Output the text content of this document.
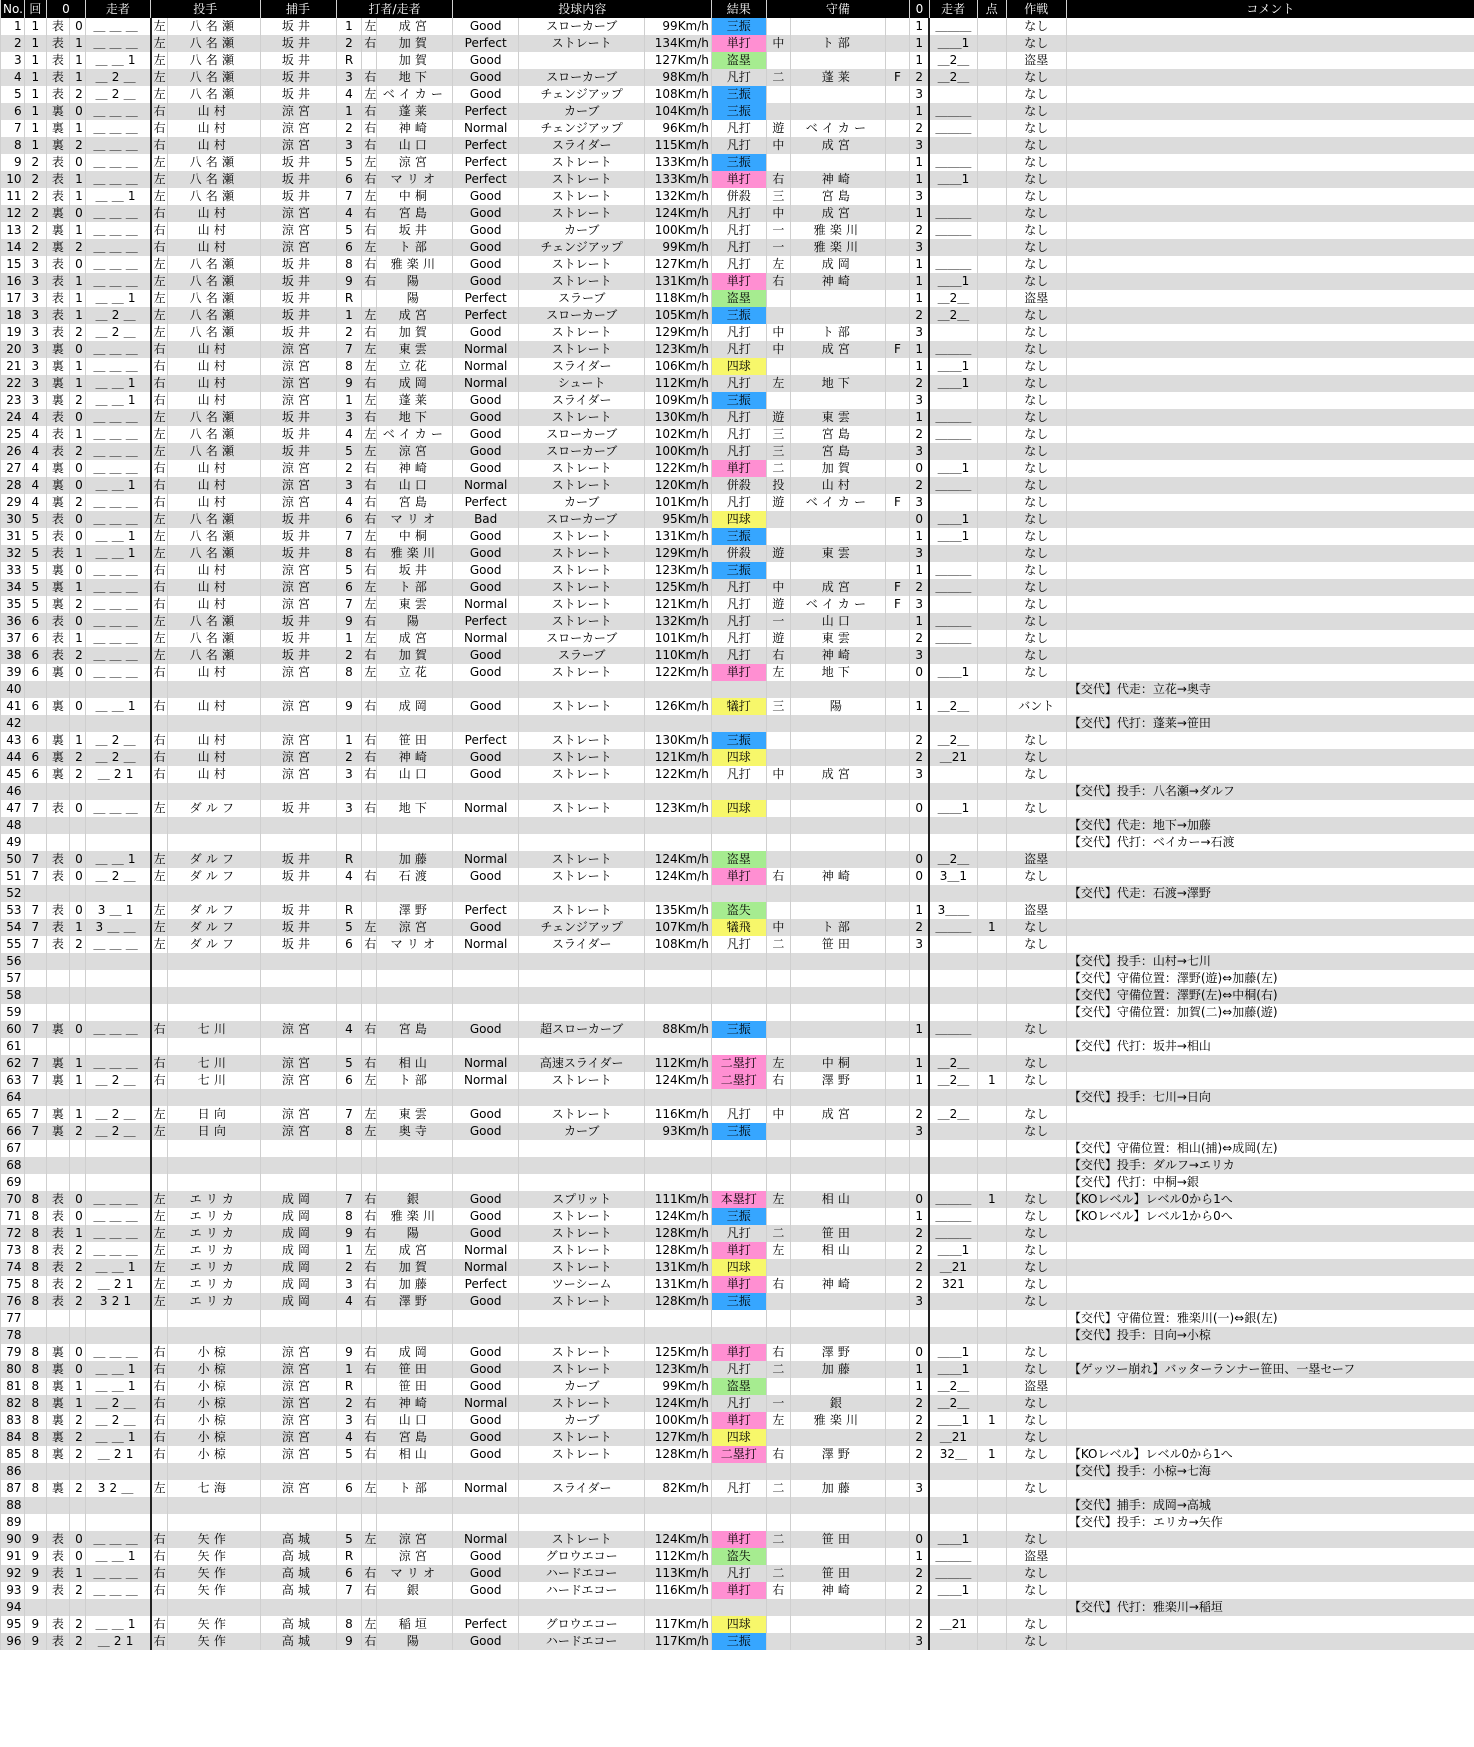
No.	回	0		走者	投手		捕手	打者/走者			投球内容			結果	守備			0	走者	点	作戦	コメント
1	1	表	0	＿＿＿	左	八名瀬	坂井	1	左	成宮	Good	スローカーブ	99Km/h	三振				1	＿＿＿		なし	
2	1	表	1	＿＿＿	左	八名瀬	坂井	2	右	加賀	Perfect	ストレート	134Km/h	単打	中	ト部		1	＿＿1		なし	
3	1	表	1	＿＿1	左	八名瀬	坂井	R		加賀	Good		127Km/h	盗塁				1	＿2＿		盗塁	
4	1	表	1	＿2＿	左	八名瀬	坂井	3	右	地下	Good	スローカーブ	98Km/h	凡打	二	蓬莱	F	2	＿2＿		なし	
5	1	表	2	＿2＿	左	八名瀬	坂井	4	左	ベイカー	Good	チェンジアップ	108Km/h	三振				3			なし	
6	1	裏	0	＿＿＿	右	山村	涼宮	1	右	蓬莱	Perfect	カーブ	104Km/h	三振				1	＿＿＿		なし	
7	1	裏	1	＿＿＿	右	山村	涼宮	2	右	神崎	Normal	チェンジアップ	96Km/h	凡打	遊	ベイカー		2	＿＿＿		なし	
8	1	裏	2	＿＿＿	右	山村	涼宮	3	右	山口	Perfect	スライダー	115Km/h	凡打	中	成宮		3			なし	
9	2	表	0	＿＿＿	左	八名瀬	坂井	5	左	涼宮	Perfect	ストレート	133Km/h	三振				1	＿＿＿		なし	
10	2	表	1	＿＿＿	左	八名瀬	坂井	6	右	マリオ	Perfect	ストレート	133Km/h	単打	右	神崎		1	＿＿1		なし	
11	2	表	1	＿＿1	左	八名瀬	坂井	7	左	中桐	Good	ストレート	132Km/h	併殺	三	宮島		3			なし	
12	2	裏	0	＿＿＿	右	山村	涼宮	4	右	宮島	Good	ストレート	124Km/h	凡打	中	成宮		1	＿＿＿		なし	
13	2	裏	1	＿＿＿	右	山村	涼宮	5	右	坂井	Good	カーブ	100Km/h	凡打	一	雅楽川		2	＿＿＿		なし	
14	2	裏	2	＿＿＿	右	山村	涼宮	6	左	ト部	Good	チェンジアップ	99Km/h	凡打	一	雅楽川		3			なし	
15	3	表	0	＿＿＿	左	八名瀬	坂井	8	右	雅楽川	Good	ストレート	127Km/h	凡打	左	成岡		1	＿＿＿		なし	
16	3	表	1	＿＿＿	左	八名瀬	坂井	9	右	陽	Good	ストレート	131Km/h	単打	右	神崎		1	＿＿1		なし	
17	3	表	1	＿＿1	左	八名瀬	坂井	R		陽	Perfect	スラーブ	118Km/h	盗塁				1	＿2＿		盗塁	
18	3	表	1	＿2＿	左	八名瀬	坂井	1	左	成宮	Perfect	スローカーブ	105Km/h	三振				2	＿2＿		なし	
19	3	表	2	＿2＿	左	八名瀬	坂井	2	右	加賀	Good	ストレート	129Km/h	凡打	中	ト部		3			なし	
20	3	裏	0	＿＿＿	右	山村	涼宮	7	左	東雲	Normal	ストレート	123Km/h	凡打	中	成宮	F	1	＿＿＿		なし	
21	3	裏	1	＿＿＿	右	山村	涼宮	8	左	立花	Normal	スライダー	106Km/h	四球				1	＿＿1		なし	
22	3	裏	1	＿＿1	右	山村	涼宮	9	右	成岡	Normal	シュート	112Km/h	凡打	左	地下		2	＿＿1		なし	
23	3	裏	2	＿＿1	右	山村	涼宮	1	左	蓬莱	Good	スライダー	109Km/h	三振				3			なし	
24	4	表	0	＿＿＿	左	八名瀬	坂井	3	右	地下	Good	ストレート	130Km/h	凡打	遊	東雲		1	＿＿＿		なし	
25	4	表	1	＿＿＿	左	八名瀬	坂井	4	左	ベイカー	Good	スローカーブ	102Km/h	凡打	三	宮島		2	＿＿＿		なし	
26	4	表	2	＿＿＿	左	八名瀬	坂井	5	左	涼宮	Good	スローカーブ	100Km/h	凡打	三	宮島		3			なし	
27	4	裏	0	＿＿＿	右	山村	涼宮	2	右	神崎	Good	ストレート	122Km/h	単打	二	加賀		0	＿＿1		なし	
28	4	裏	0	＿＿1	右	山村	涼宮	3	右	山口	Normal	ストレート	120Km/h	併殺	投	山村		2	＿＿＿		なし	
29	4	裏	2	＿＿＿	右	山村	涼宮	4	右	宮島	Perfect	カーブ	101Km/h	凡打	遊	ベイカー	F	3			なし	
30	5	表	0	＿＿＿	左	八名瀬	坂井	6	右	マリオ	Bad	スローカーブ	95Km/h	四球				0	＿＿1		なし	
31	5	表	0	＿＿1	左	八名瀬	坂井	7	左	中桐	Good	ストレート	131Km/h	三振				1	＿＿1		なし	
32	5	表	1	＿＿1	左	八名瀬	坂井	8	右	雅楽川	Good	ストレート	129Km/h	併殺	遊	東雲		3			なし	
33	5	裏	0	＿＿＿	右	山村	涼宮	5	右	坂井	Good	ストレート	123Km/h	三振				1	＿＿＿		なし	
34	5	裏	1	＿＿＿	右	山村	涼宮	6	左	ト部	Good	ストレート	125Km/h	凡打	中	成宮	F	2	＿＿＿		なし	
35	5	裏	2	＿＿＿	右	山村	涼宮	7	左	東雲	Normal	ストレート	121Km/h	凡打	遊	ベイカー	F	3			なし	
36	6	表	0	＿＿＿	左	八名瀬	坂井	9	右	陽	Perfect	ストレート	132Km/h	凡打	一	山口		1	＿＿＿		なし	
37	6	表	1	＿＿＿	左	八名瀬	坂井	1	左	成宮	Normal	スローカーブ	101Km/h	凡打	遊	東雲		2	＿＿＿		なし	
38	6	表	2	＿＿＿	左	八名瀬	坂井	2	右	加賀	Good	スラーブ	110Km/h	凡打	右	神崎		3			なし	
39	6	裏	0	＿＿＿	右	山村	涼宮	8	左	立花	Good	ストレート	122Km/h	単打	左	地下		0	＿＿1		なし	
40																						【交代】代走：立花→奥寺
41	6	裏	0	＿＿1	右	山村	涼宮	9	右	成岡	Good	ストレート	126Km/h	犠打	三	陽		1	＿2＿		バント	
42																						【交代】代打：蓬莱→笹田
43	6	裏	1	＿2＿	右	山村	涼宮	1	右	笹田	Perfect	ストレート	130Km/h	三振				2	＿2＿		なし	
44	6	裏	2	＿2＿	右	山村	涼宮	2	右	神崎	Good	ストレート	121Km/h	四球				2	＿21		なし	
45	6	裏	2	＿21	右	山村	涼宮	3	右	山口	Good	ストレート	122Km/h	凡打	中	成宮		3			なし	
46																						【交代】投手：八名瀬→ダルフ
47	7	表	0	＿＿＿	左	ダルフ	坂井	3	右	地下	Normal	ストレート	123Km/h	四球				0	＿＿1		なし	
48																						【交代】代走：地下→加藤
49																						【交代】代打：ベイカー→石渡
50	7	表	0	＿＿1	左	ダルフ	坂井	R		加藤	Normal	ストレート	124Km/h	盗塁				0	＿2＿		盗塁	
51	7	表	0	＿2＿	左	ダルフ	坂井	4	右	石渡	Good	ストレート	124Km/h	単打	右	神崎		0	3＿1		なし	
52																						【交代】代走：石渡→澤野
53	7	表	0	3＿1	左	ダルフ	坂井	R		澤野	Perfect	ストレート	135Km/h	盗失				1	3＿＿		盗塁	
54	7	表	1	3＿＿	左	ダルフ	坂井	5	左	涼宮	Good	チェンジアップ	107Km/h	犠飛	中	ト部		2	＿＿＿	1	なし	
55	7	表	2	＿＿＿	左	ダルフ	坂井	6	右	マリオ	Normal	スライダー	108Km/h	凡打	二	笹田		3			なし	
56																						【交代】投手：山村→七川
57																						【交代】守備位置：澤野(遊)⇔加藤(左)
58																						【交代】守備位置：澤野(左)⇔中桐(右)
59																						【交代】守備位置：加賀(二)⇔加藤(遊)
60	7	裏	0	＿＿＿	右	七川	涼宮	4	右	宮島	Good	超スローカーブ	88Km/h	三振				1	＿＿＿		なし	
61																						【交代】代打：坂井→相山
62	7	裏	1	＿＿＿	右	七川	涼宮	5	右	相山	Normal	高速スライダー	112Km/h	二塁打	左	中桐		1	＿2＿		なし	
63	7	裏	1	＿2＿	右	七川	涼宮	6	左	ト部	Normal	ストレート	124Km/h	二塁打	右	澤野		1	＿2＿	1	なし	
64																						【交代】投手：七川→日向
65	7	裏	1	＿2＿	左	日向	涼宮	7	左	東雲	Good	ストレート	116Km/h	凡打	中	成宮		2	＿2＿		なし	
66	7	裏	2	＿2＿	左	日向	涼宮	8	左	奥寺	Good	カーブ	93Km/h	三振				3			なし	
67																						【交代】守備位置：相山(捕)⇔成岡(左)
68																						【交代】投手：ダルフ→エリカ
69																						【交代】代打：中桐→銀
70	8	表	0	＿＿＿	左	エリカ	成岡	7	右	銀	Good	スプリット	111Km/h	本塁打	左	相山		0	＿＿＿	1	なし	【KOレベル】レベル0から1へ
71	8	表	0	＿＿＿	左	エリカ	成岡	8	右	雅楽川	Good	ストレート	124Km/h	三振				1	＿＿＿		なし	【KOレベル】レベル1から0へ
72	8	表	1	＿＿＿	左	エリカ	成岡	9	右	陽	Good	ストレート	128Km/h	凡打	二	笹田		2	＿＿＿		なし	
73	8	表	2	＿＿＿	左	エリカ	成岡	1	左	成宮	Normal	ストレート	128Km/h	単打	左	相山		2	＿＿1		なし	
74	8	表	2	＿＿1	左	エリカ	成岡	2	右	加賀	Normal	ストレート	131Km/h	四球				2	＿21		なし	
75	8	表	2	＿21	左	エリカ	成岡	3	右	加藤	Perfect	ツーシーム	131Km/h	単打	右	神崎		2	321		なし	
76	8	表	2	321	左	エリカ	成岡	4	右	澤野	Good	ストレート	128Km/h	三振				3			なし	
77																						【交代】守備位置：雅楽川(一)⇔銀(左)
78																						【交代】投手：日向→小椋
79	8	裏	0	＿＿＿	右	小椋	涼宮	9	右	成岡	Good	ストレート	125Km/h	単打	右	澤野		0	＿＿1		なし	
80	8	裏	0	＿＿1	右	小椋	涼宮	1	右	笹田	Good	ストレート	123Km/h	凡打	二	加藤		1	＿＿1		なし	【ゲッツー崩れ】バッターランナー笹田、一塁セーフ
81	8	裏	1	＿＿1	右	小椋	涼宮	R		笹田	Good	カーブ	99Km/h	盗塁				1	＿2＿		盗塁	
82	8	裏	1	＿2＿	右	小椋	涼宮	2	右	神崎	Normal	ストレート	124Km/h	凡打	一	銀		2	＿2＿		なし	
83	8	裏	2	＿2＿	右	小椋	涼宮	3	右	山口	Good	カーブ	100Km/h	単打	左	雅楽川		2	＿＿1	1	なし	
84	8	裏	2	＿＿1	右	小椋	涼宮	4	右	宮島	Good	ストレート	127Km/h	四球				2	＿21		なし	
85	8	裏	2	＿21	右	小椋	涼宮	5	右	相山	Good	ストレート	128Km/h	二塁打	右	澤野		2	32＿	1	なし	【KOレベル】レベル0から1へ
86																						【交代】投手：小椋→七海
87	8	裏	2	32＿	左	七海	涼宮	6	左	ト部	Normal	スライダー	82Km/h	凡打	二	加藤		3			なし	
88																						【交代】捕手：成岡→高城
89																						【交代】投手：エリカ→矢作
90	9	表	0	＿＿＿	右	矢作	高城	5	左	涼宮	Normal	ストレート	124Km/h	単打	二	笹田		0	＿＿1		なし	
91	9	表	0	＿＿1	右	矢作	高城	R		涼宮	Good	グロウエコー	112Km/h	盗失				1	＿＿＿		盗塁	
92	9	表	1	＿＿＿	右	矢作	高城	6	右	マリオ	Good	ハードエコー	113Km/h	凡打	二	笹田		2	＿＿＿		なし	
93	9	表	2	＿＿＿	右	矢作	高城	7	右	銀	Good	ハードエコー	116Km/h	単打	右	神崎		2	＿＿1		なし	
94																						【交代】代打：雅楽川→稲垣
95	9	表	2	＿＿1	右	矢作	高城	8	左	稲垣	Perfect	グロウエコー	117Km/h	四球				2	＿21		なし	
96	9	表	2	＿21	右	矢作	高城	9	右	陽	Good	ハードエコー	117Km/h	三振				3			なし	
